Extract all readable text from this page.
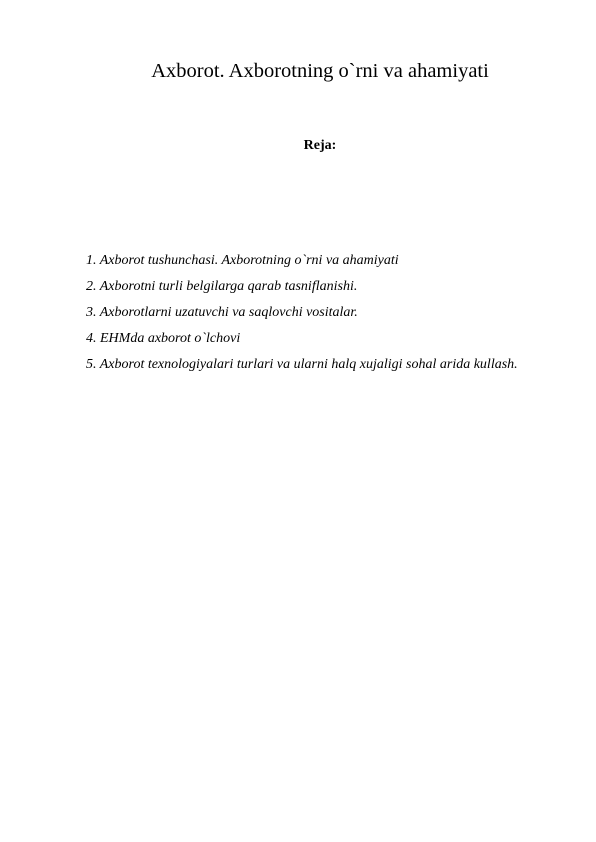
Axborot. Axborotning o`rni va ahamiyati
Reja:
1. Axborot tushunchasi. Axborotning o`rni va ahamiyati
2. Axborotni turli belgilarga qarab tasniflanishi.
3. Axborotlarni uzatuvchi va saqlovchi vositalar.
4. EHMda axborot o`lchovi
5. Axborot texnologiyalari turlari va ularni halq xujaligi sohal arida kullash.
